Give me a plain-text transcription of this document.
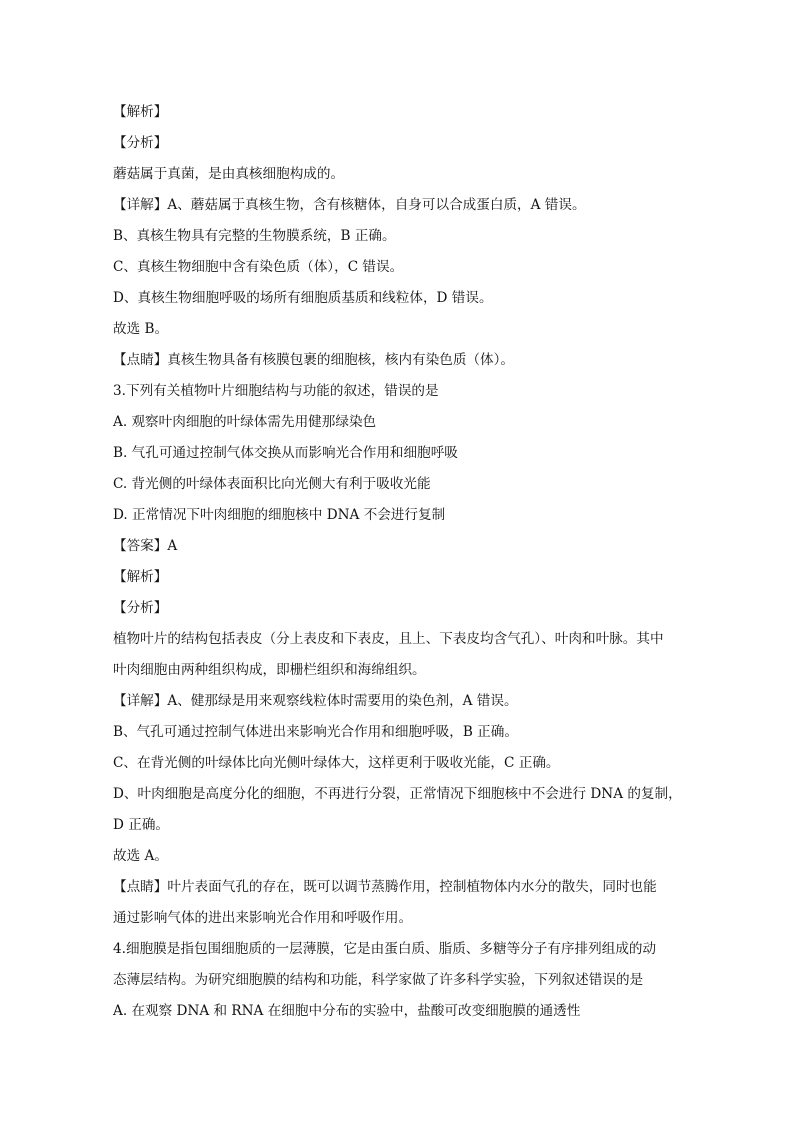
【解析】
【分析】
蘑菇属于真菌，是由真核细胞构成的。
【详解】A、蘑菇属于真核生物，含有核糖体，自身可以合成蛋白质，A 错误。
B、真核生物具有完整的生物膜系统，B 正确。
C、真核生物细胞中含有染色质（体），C 错误。
D、真核生物细胞呼吸的场所有细胞质基质和线粒体，D 错误。
故选 B。
【点睛】真核生物具备有核膜包裹的细胞核，核内有染色质（体）。
3.下列有关植物叶片细胞结构与功能的叙述，错误的是
A. 观察叶肉细胞的叶绿体需先用健那绿染色
B. 气孔可通过控制气体交换从而影响光合作用和细胞呼吸
C. 背光侧的叶绿体表面积比向光侧大有利于吸收光能
D. 正常情况下叶肉细胞的细胞核中 DNA 不会进行复制
【答案】A
【解析】
【分析】
植物叶片的结构包括表皮（分上表皮和下表皮，且上、下表皮均含气孔）、叶肉和叶脉。其中
叶肉细胞由两种组织构成，即栅栏组织和海绵组织。
【详解】A、健那绿是用来观察线粒体时需要用的染色剂，A 错误。
B、气孔可通过控制气体进出来影响光合作用和细胞呼吸，B 正确。
C、在背光侧的叶绿体比向光侧叶绿体大，这样更利于吸收光能，C 正确。
D、叶肉细胞是高度分化的细胞，不再进行分裂，正常情况下细胞核中不会进行 DNA 的复制，
D 正确。
故选 A。
【点睛】叶片表面气孔的存在，既可以调节蒸腾作用，控制植物体内水分的散失，同时也能
通过影响气体的进出来影响光合作用和呼吸作用。
4.细胞膜是指包围细胞质的一层薄膜，它是由蛋白质、脂质、多糖等分子有序排列组成的动
态薄层结构。为研究细胞膜的结构和功能，科学家做了许多科学实验，下列叙述错误的是
A. 在观察 DNA 和 RNA 在细胞中分布的实验中，盐酸可改变细胞膜的通透性
